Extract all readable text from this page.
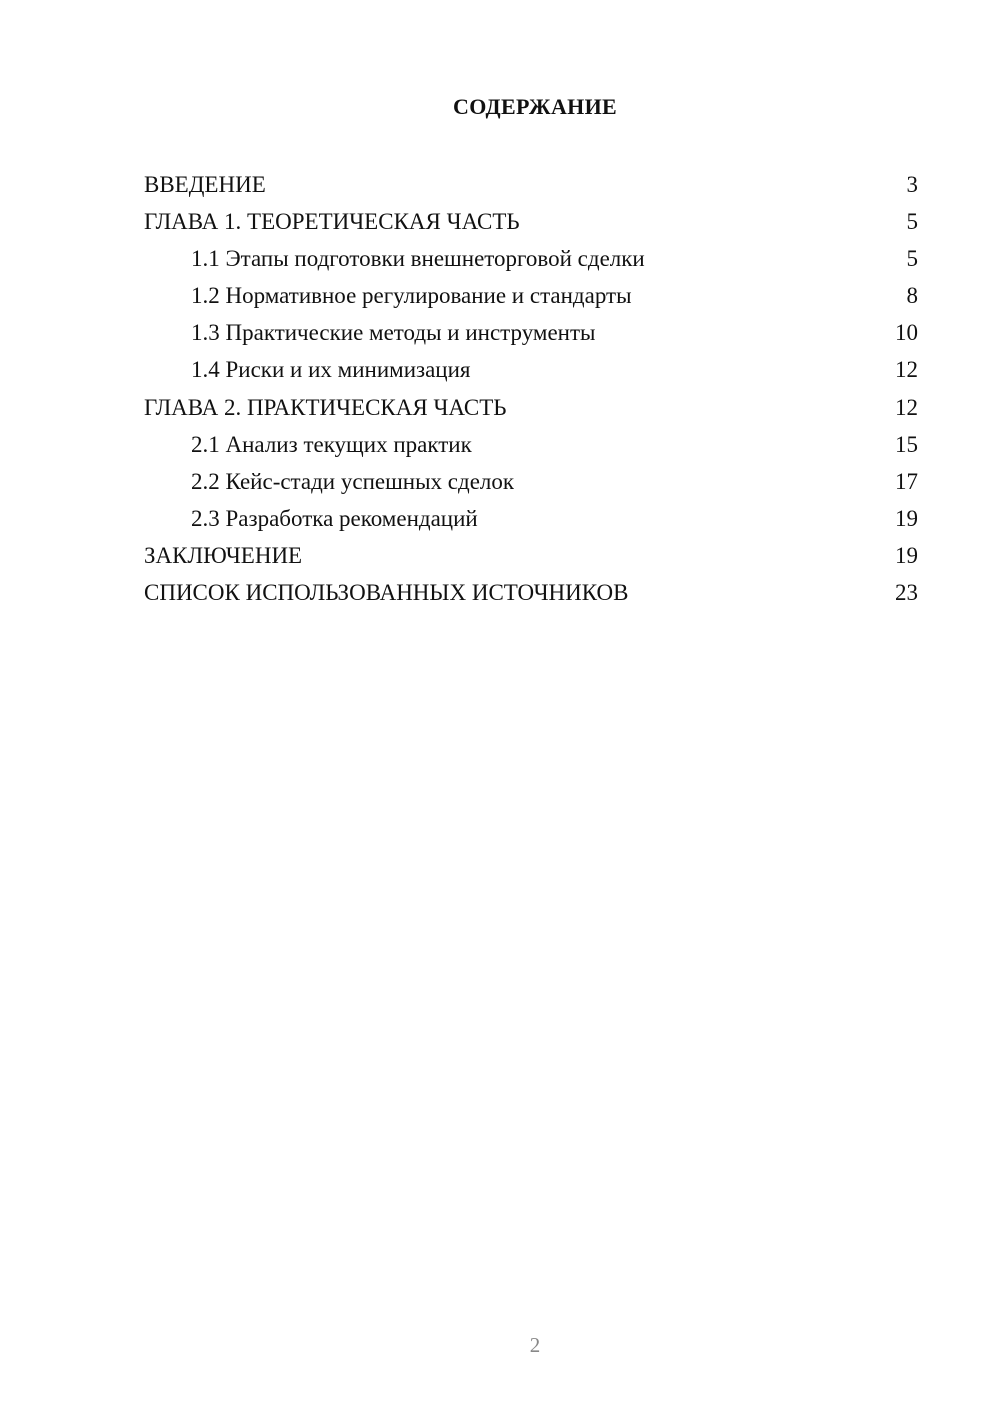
СОДЕРЖАНИЕ
ВВЕДЕНИЕ	3
ГЛАВА 1. ТЕОРЕТИЧЕСКАЯ ЧАСТЬ	5
1.1 Этапы подготовки внешнеторговой сделки	5
1.2 Нормативное регулирование и стандарты	8
1.3 Практические методы и инструменты	10
1.4 Риски и их минимизация	12
ГЛАВА 2. ПРАКТИЧЕСКАЯ ЧАСТЬ	12
2.1 Анализ текущих практик	15
2.2 Кейс-стади успешных сделок	17
2.3 Разработка рекомендаций	19
ЗАКЛЮЧЕНИЕ	19
СПИСОК ИСПОЛЬЗОВАННЫХ ИСТОЧНИКОВ	23
2
